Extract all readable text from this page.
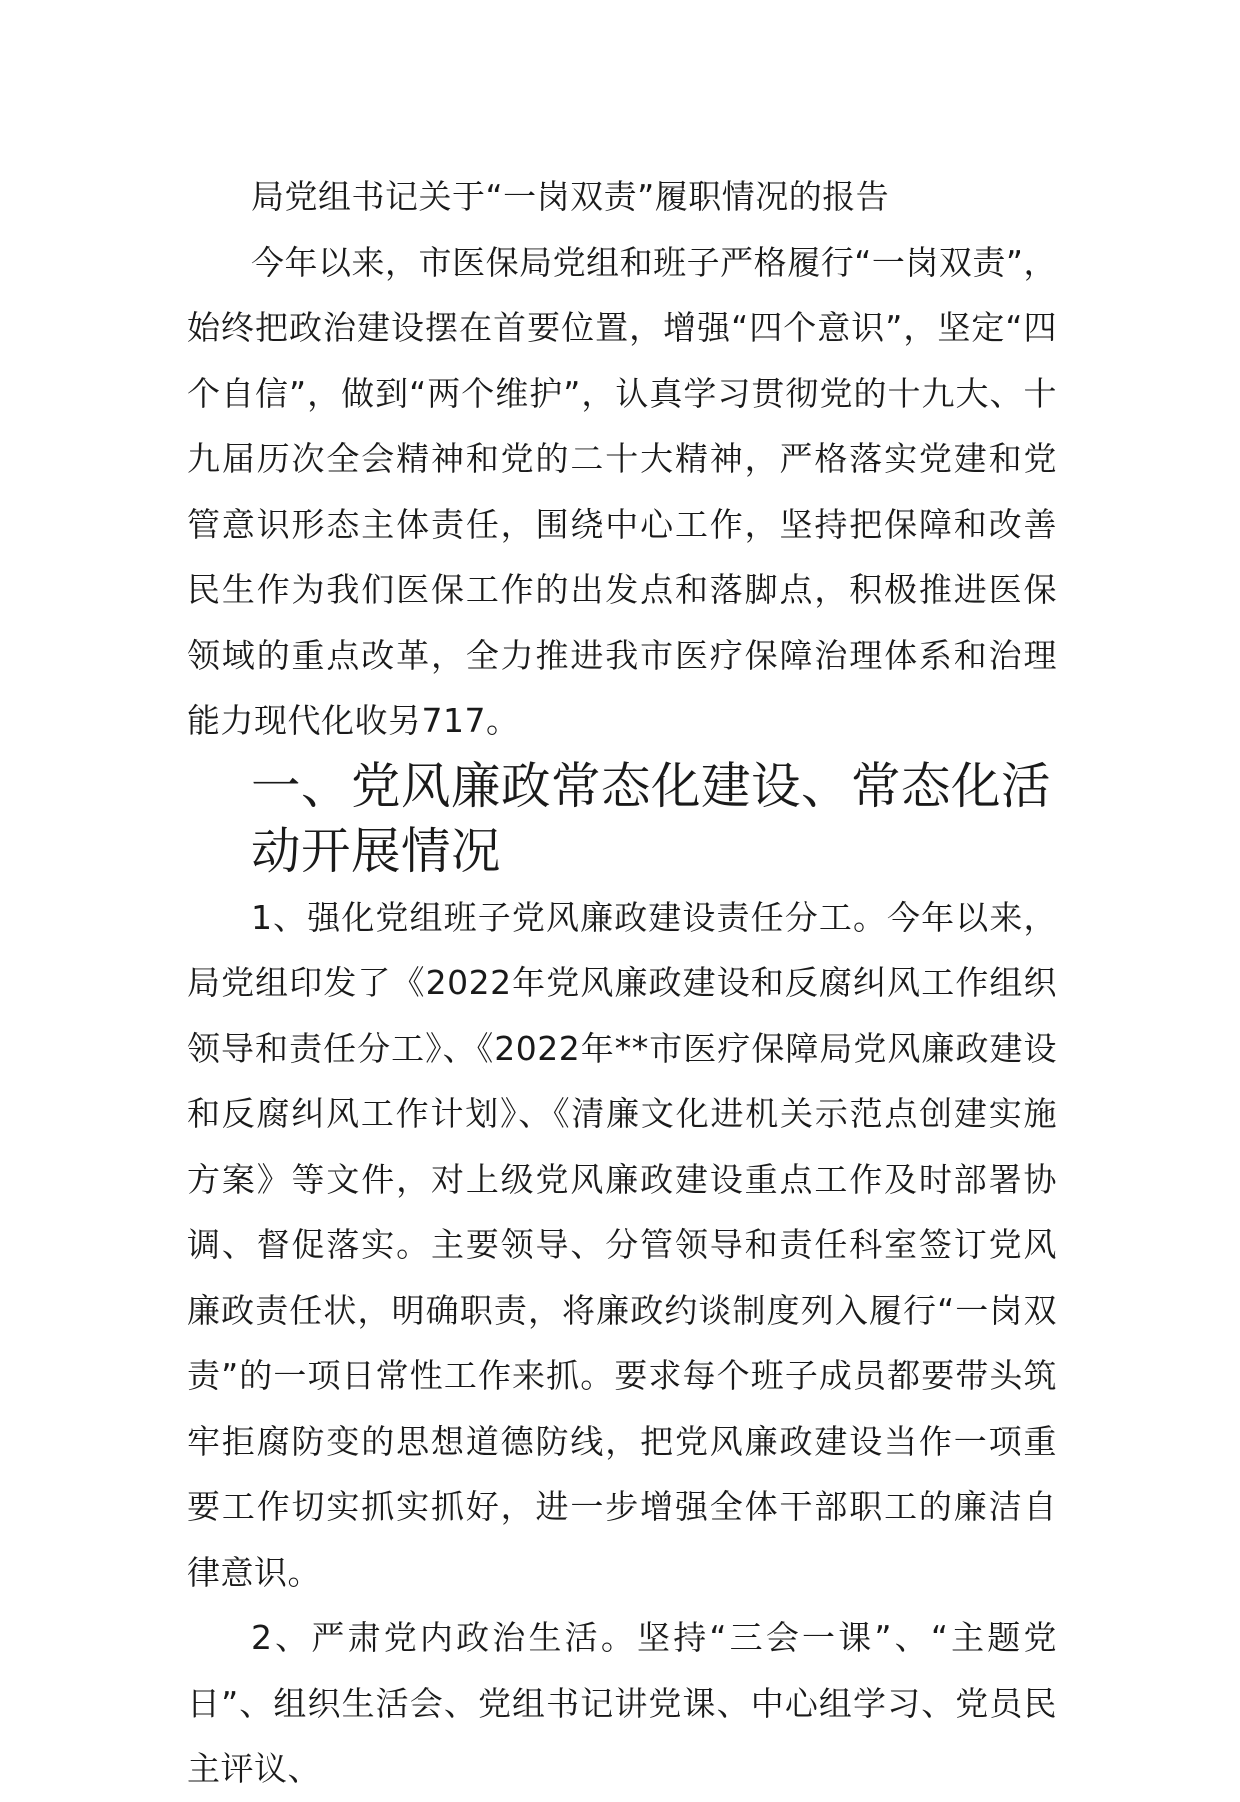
局党组书记关于“一岗双责”履职情况的报告

今年以来，市医保局党组和班子严格履行“一岗双责”，始终把政治建设摆在首要位置，增强“四个意识”，坚定“四个自信”，做到“两个维护”，认真学习贯彻党的十九大、十九届历次全会精神和党的二十大精神，严格落实党建和党管意识形态主体责任，围绕中心工作，坚持把保障和改善民生作为我们医保工作的出发点和落脚点，积极推进医保领域的重点改革，全力推进我市医疗保障治理体系和治理能力现代化收另717。

一、党风廉政常态化建设、常态化活动开展情况

1、强化党组班子党风廉政建设责任分工。今年以来，局党组印发了《2022年党风廉政建设和反腐纠风工作组织领导和责任分工》、《2022年**市医疗保障局党风廉政建设和反腐纠风工作计划》、《清廉文化进机关示范点创建实施方案》等文件，对上级党风廉政建设重点工作及时部署协调、督促落实。主要领导、分管领导和责任科室签订党风廉政责任状，明确职责，将廉政约谈制度列入履行“一岗双责”的一项日常性工作来抓。要求每个班子成员都要带头筑牢拒腐防变的思想道德防线，把党风廉政建设当作一项重要工作切实抓实抓好，进一步增强全体干部职工的廉洁自律意识。

2、严肃党内政治生活。坚持“三会一课”、“主题党日”、组织生活会、党组书记讲党课、中心组学习、党员民主评议、
